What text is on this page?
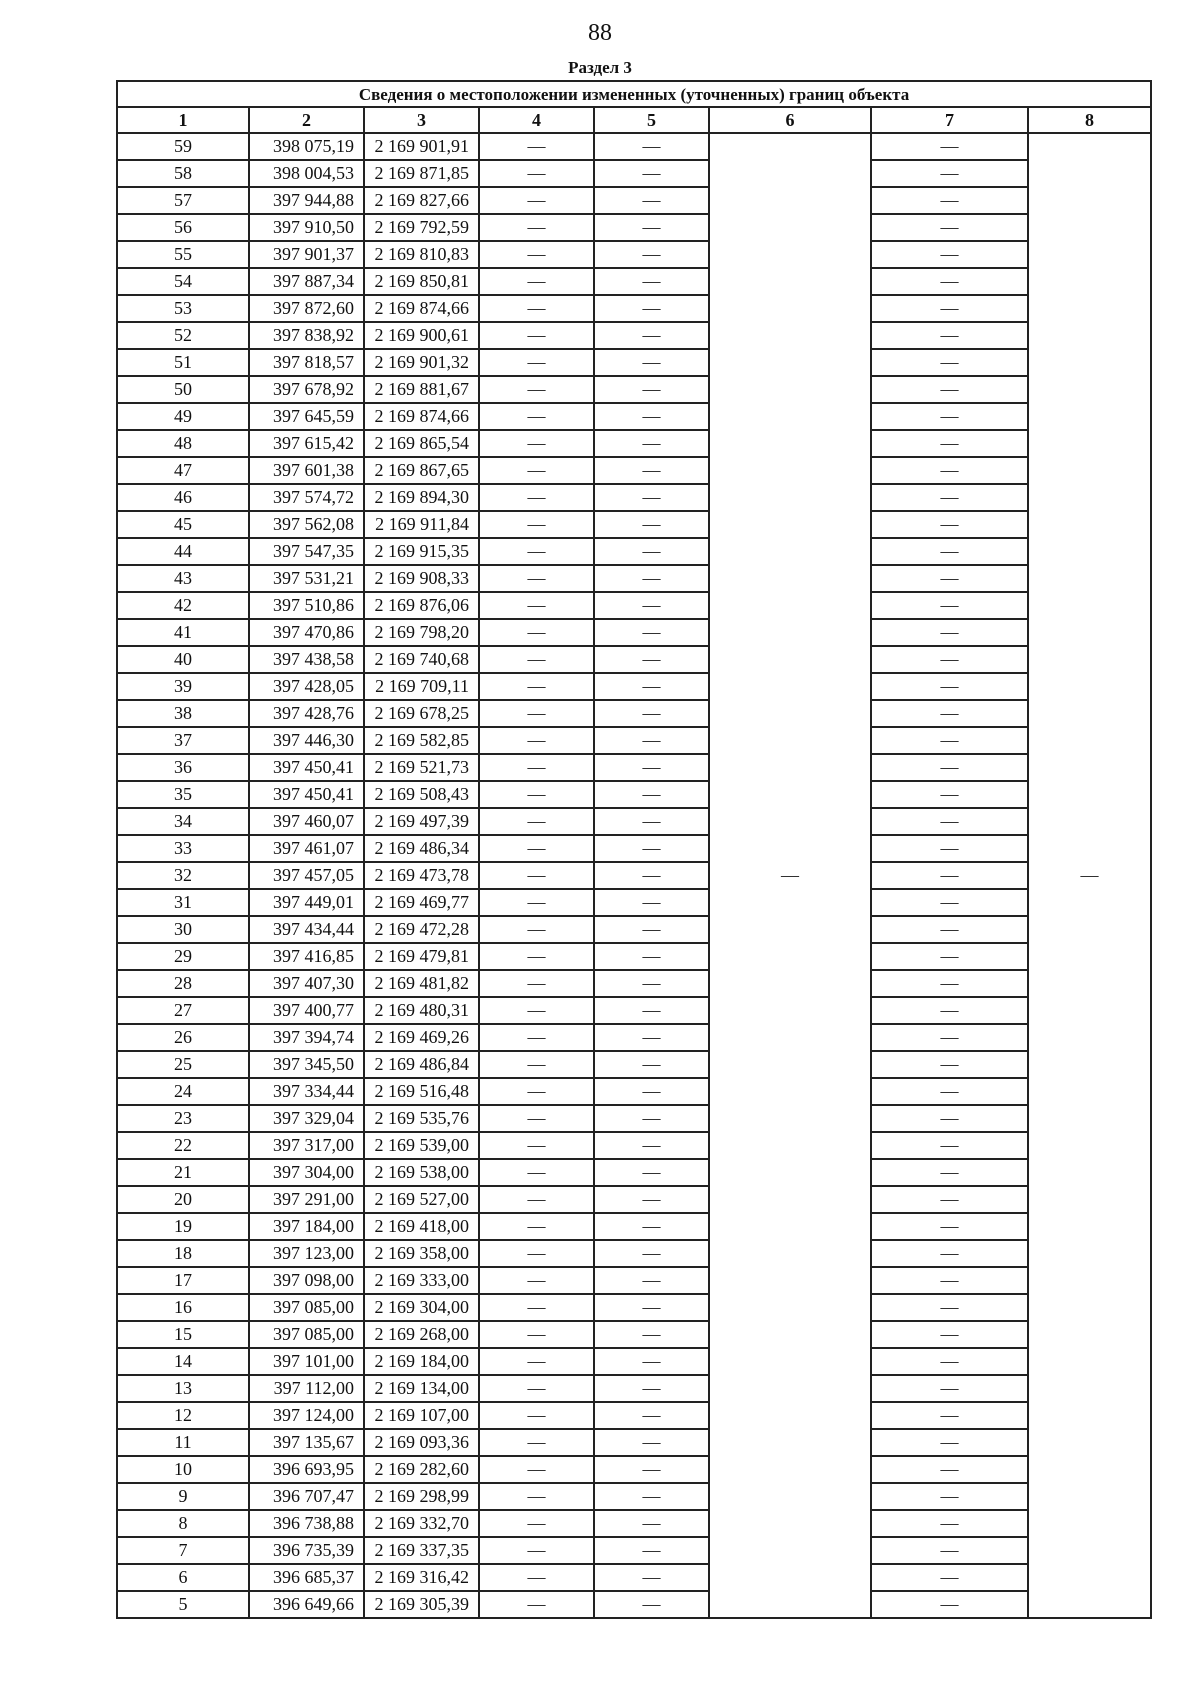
88
Раздел 3
Сведения о местоположении измененных (уточненных) границ объекта							
1	2	3	4	5	6	7	8
59	398 075,19	2 169 901,91	—	—	—	—	—
58	398 004,53	2 169 871,85	—	—		—	
57	397 944,88	2 169 827,66	—	—		—	
56	397 910,50	2 169 792,59	—	—		—	
55	397 901,37	2 169 810,83	—	—		—	
54	397 887,34	2 169 850,81	—	—		—	
53	397 872,60	2 169 874,66	—	—		—	
52	397 838,92	2 169 900,61	—	—		—	
51	397 818,57	2 169 901,32	—	—		—	
50	397 678,92	2 169 881,67	—	—		—	
49	397 645,59	2 169 874,66	—	—		—	
48	397 615,42	2 169 865,54	—	—		—	
47	397 601,38	2 169 867,65	—	—		—	
46	397 574,72	2 169 894,30	—	—		—	
45	397 562,08	2 169 911,84	—	—		—	
44	397 547,35	2 169 915,35	—	—		—	
43	397 531,21	2 169 908,33	—	—		—	
42	397 510,86	2 169 876,06	—	—		—	
41	397 470,86	2 169 798,20	—	—		—	
40	397 438,58	2 169 740,68	—	—		—	
39	397 428,05	2 169 709,11	—	—		—	
38	397 428,76	2 169 678,25	—	—		—	
37	397 446,30	2 169 582,85	—	—		—	
36	397 450,41	2 169 521,73	—	—		—	
35	397 450,41	2 169 508,43	—	—		—	
34	397 460,07	2 169 497,39	—	—		—	
33	397 461,07	2 169 486,34	—	—		—	
32	397 457,05	2 169 473,78	—	—		—	
31	397 449,01	2 169 469,77	—	—		—	
30	397 434,44	2 169 472,28	—	—		—	
29	397 416,85	2 169 479,81	—	—		—	
28	397 407,30	2 169 481,82	—	—		—	
27	397 400,77	2 169 480,31	—	—		—	
26	397 394,74	2 169 469,26	—	—		—	
25	397 345,50	2 169 486,84	—	—		—	
24	397 334,44	2 169 516,48	—	—		—	
23	397 329,04	2 169 535,76	—	—		—	
22	397 317,00	2 169 539,00	—	—		—	
21	397 304,00	2 169 538,00	—	—		—	
20	397 291,00	2 169 527,00	—	—		—	
19	397 184,00	2 169 418,00	—	—		—	
18	397 123,00	2 169 358,00	—	—		—	
17	397 098,00	2 169 333,00	—	—		—	
16	397 085,00	2 169 304,00	—	—		—	
15	397 085,00	2 169 268,00	—	—		—	
14	397 101,00	2 169 184,00	—	—		—	
13	397 112,00	2 169 134,00	—	—		—	
12	397 124,00	2 169 107,00	—	—		—	
11	397 135,67	2 169 093,36	—	—		—	
10	396 693,95	2 169 282,60	—	—		—	
9	396 707,47	2 169 298,99	—	—		—	
8	396 738,88	2 169 332,70	—	—		—	
7	396 735,39	2 169 337,35	—	—		—	
6	396 685,37	2 169 316,42	—	—		—	
5	396 649,66	2 169 305,39	—	—		—	
